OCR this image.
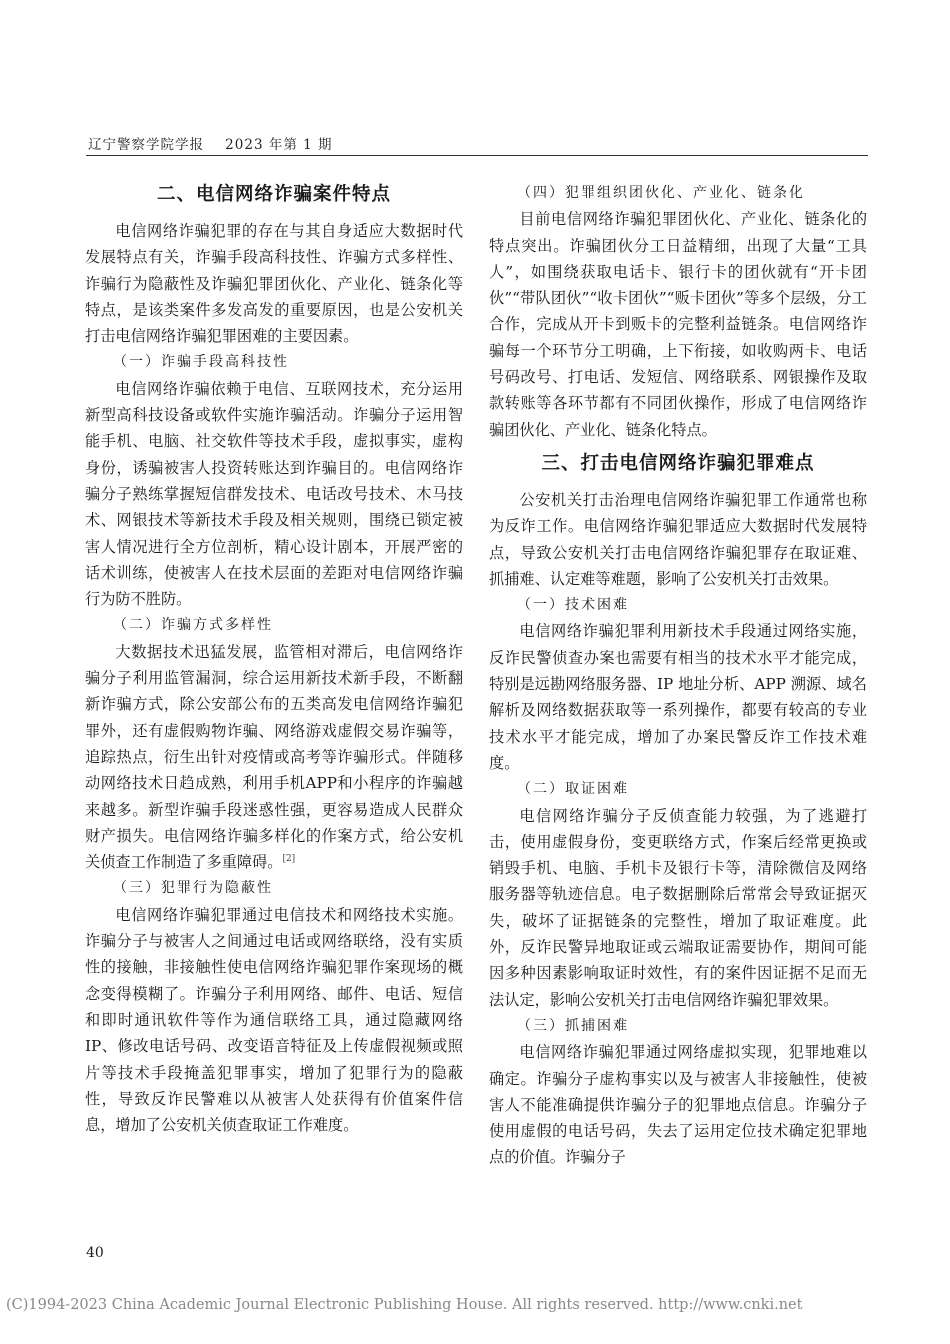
辽宁警察学院学报 2023 年第 1 期
二、电信网络诈骗案件特点

电信网络诈骗犯罪的存在与其自身适应大数据时代发展特点有关，诈骗手段高科技性、诈骗方式多样性、诈骗行为隐蔽性及诈骗犯罪团伙化、产业化、链条化等特点，是该类案件多发高发的重要原因，也是公安机关打击电信网络诈骗犯罪困难的主要因素。

（一）诈骗手段高科技性

电信网络诈骗依赖于电信、互联网技术，充分运用新型高科技设备或软件实施诈骗活动。诈骗分子运用智能手机、电脑、社交软件等技术手段，虚拟事实，虚构身份，诱骗被害人投资转账达到诈骗目的。电信网络诈骗分子熟练掌握短信群发技术、电话改号技术、木马技术、网银技术等新技术手段及相关规则，围绕已锁定被害人情况进行全方位剖析，精心设计剧本，开展严密的话术训练，使被害人在技术层面的差距对电信网络诈骗行为防不胜防。

（二）诈骗方式多样性

大数据技术迅猛发展，监管相对滞后，电信网络诈骗分子利用监管漏洞，综合运用新技术新手段，不断翻新诈骗方式，除公安部公布的五类高发电信网络诈骗犯罪外，还有虚假购物诈骗、网络游戏虚假交易诈骗等，追踪热点，衍生出针对疫情或高考等诈骗形式。伴随移动网络技术日趋成熟，利用手机APP和小程序的诈骗越来越多。新型诈骗手段迷惑性强，更容易造成人民群众财产损失。电信网络诈骗多样化的作案方式，给公安机关侦查工作制造了多重障碍。[2]

（三）犯罪行为隐蔽性

电信网络诈骗犯罪通过电信技术和网络技术实施。诈骗分子与被害人之间通过电话或网络联络，没有实质性的接触，非接触性使电信网络诈骗犯罪作案现场的概念变得模糊了。诈骗分子利用网络、邮件、电话、短信和即时通讯软件等作为通信联络工具，通过隐藏网络IP、修改电话号码、改变语音特征及上传虚假视频或照片等技术手段掩盖犯罪事实，增加了犯罪行为的隐蔽性，导致反诈民警难以从被害人处获得有价值案件信息，增加了公安机关侦查取证工作难度。

（四）犯罪组织团伙化、产业化、链条化

目前电信网络诈骗犯罪团伙化、产业化、链条化的特点突出。诈骗团伙分工日益精细，出现了大量“工具人”，如围绕获取电话卡、银行卡的团伙就有“开卡团伙”“带队团伙”“收卡团伙”“贩卡团伙”等多个层级，分工合作，完成从开卡到贩卡的完整利益链条。电信网络诈骗每一个环节分工明确，上下衔接，如收购两卡、电话号码改号、打电话、发短信、网络联系、网银操作及取款转账等各环节都有不同团伙操作，形成了电信网络诈骗团伙化、产业化、链条化特点。

三、打击电信网络诈骗犯罪难点

公安机关打击治理电信网络诈骗犯罪工作通常也称为反诈工作。电信网络诈骗犯罪适应大数据时代发展特点，导致公安机关打击电信网络诈骗犯罪存在取证难、抓捕难、认定难等难题，影响了公安机关打击效果。

（一）技术困难

电信网络诈骗犯罪利用新技术手段通过网络实施，反诈民警侦查办案也需要有相当的技术水平才能完成，特别是远勘网络服务器、IP 地址分析、APP 溯源、域名解析及网络数据获取等一系列操作，都要有较高的专业技术水平才能完成，增加了办案民警反诈工作技术难度。

（二）取证困难

电信网络诈骗分子反侦查能力较强，为了逃避打击，使用虚假身份，变更联络方式，作案后经常更换或销毁手机、电脑、手机卡及银行卡等，清除微信及网络服务器等轨迹信息。电子数据删除后常常会导致证据灭失，破坏了证据链条的完整性，增加了取证难度。此外，反诈民警异地取证或云端取证需要协作，期间可能因多种因素影响取证时效性，有的案件因证据不足而无法认定，影响公安机关打击电信网络诈骗犯罪效果。

（三）抓捕困难

电信网络诈骗犯罪通过网络虚拟实现，犯罪地难以确定。诈骗分子虚构事实以及与被害人非接触性，使被害人不能准确提供诈骗分子的犯罪地点信息。诈骗分子使用虚假的电话号码，失去了运用定位技术确定犯罪地点的价值。诈骗分子

40
(C)1994-2023 China Academic Journal Electronic Publishing House. All rights reserved. http://www.cnki.net
